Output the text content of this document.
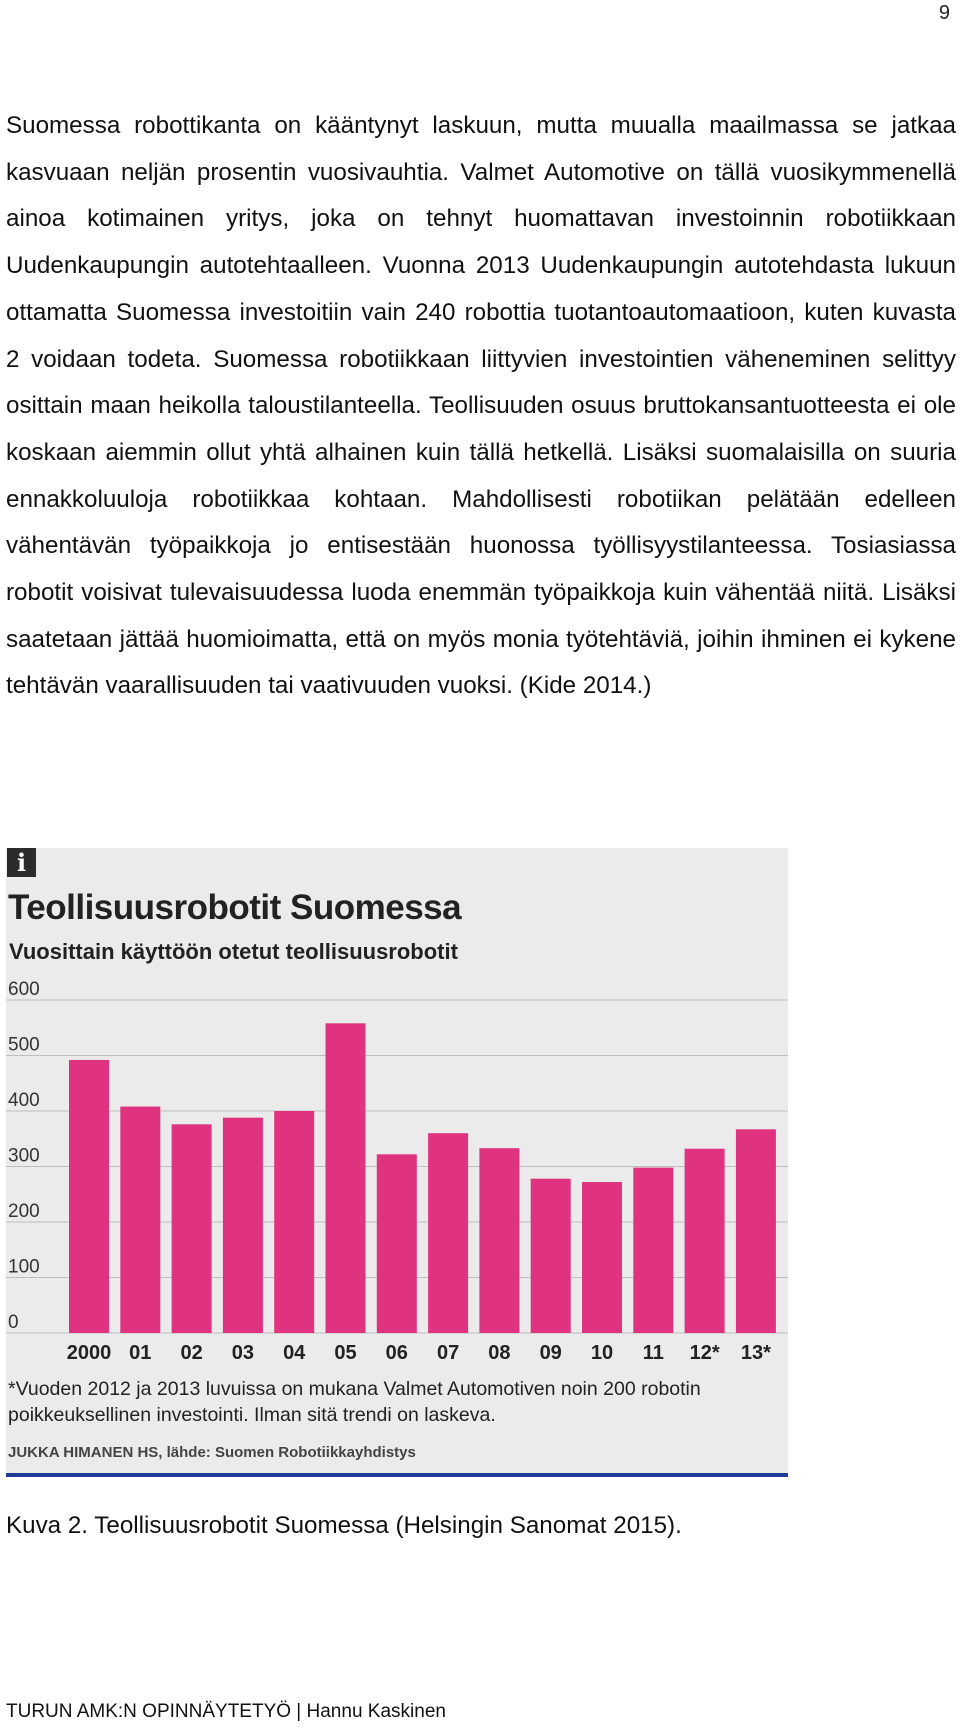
9

Suomessa robottikanta on kääntynyt laskuun, mutta muualla maailmassa se jatkaa kasvuaan neljän prosentin vuosivauhtia. Valmet Automotive on tällä vuosikymmenellä ainoa kotimainen yritys, joka on tehnyt huomattavan investoinnin robotiikkaan Uudenkaupungin autotehtaalleen. Vuonna 2013 Uudenkaupungin autotehdasta lukuun ottamatta Suomessa investoitiin vain 240 robottia tuotantoautomaatioon, kuten kuvasta 2 voidaan todeta. Suomessa robotiikkaan liittyvien investointien väheneminen selittyy osittain maan heikolla taloustilanteella. Teollisuuden osuus bruttokansantuotteesta ei ole koskaan aiemmin ollut yhtä alhainen kuin tällä hetkellä. Lisäksi suomalaisilla on suuria ennakkoluuloja robotiikkaa kohtaan. Mahdollisesti robotiikan pelätään edelleen vähentävän työpaikkoja jo entisestään huonossa työllisyystilanteessa. Tosiasiassa robotit voisivat tulevaisuudessa luoda enemmän työpaikkoja kuin vähentää niitä. Lisäksi saatetaan jättää huomioimatta, että on myös monia työtehtäviä, joihin ihminen ei kykene tehtävän vaarallisuuden tai vaativuuden vuoksi. (Kide 2014.)

i
Teollisuusrobotit Suomessa
Vuosittain käyttöön otetut teollisuusrobotit
0
100
200
300
400
500
600
2000 01 02 03 04 05 06 07 08 09 10 11 12* 13*

*Vuoden 2012 ja 2013 luvuissa on mukana Valmet Automotiven noin 200 robotin poikkeuksellinen investointi. Ilman sitä trendi on laskeva.

JUKKA HIMANEN HS, lähde: Suomen Robotiikkayhdistys

Kuva 2. Teollisuusrobotit Suomessa (Helsingin Sanomat 2015).

TURUN AMK:N OPINNÄYTETYÖ | Hannu Kaskinen
